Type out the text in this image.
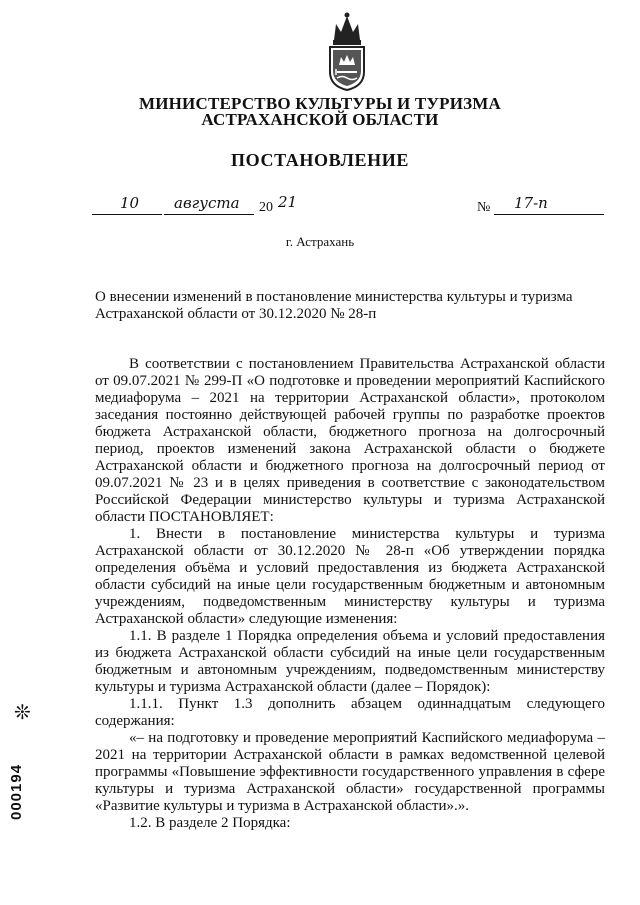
МИНИСТЕРСТВО КУЛЬТУРЫ И ТУРИЗМА
АСТРАХАНСКОЙ ОБЛАСТИ
ПОСТАНОВЛЕНИЕ
10 августа 20 21	№ 17-п
г. Астрахань
О внесении изменений в постановление министерства культуры и туризма Астраханской области от 30.12.2020 № 28-п

В соответствии с постановлением Правительства Астраханской области от 09.07.2021 № 299-П «О подготовке и проведении мероприятий Каспийского медиафорума – 2021 на территории Астраханской области», протоколом заседания постоянно действующей рабочей группы по разработке проектов бюджета Астраханской области, бюджетного прогноза на долгосрочный период, проектов изменений закона Астраханской области о бюджете Астраханской области и бюджетного прогноза на долгосрочный период от 09.07.2021 № 23 и в целях приведения в соответствие с законодательством Российской Федерации министерство культуры и туризма Астраханской области ПОСТАНОВЛЯЕТ:

1. Внести в постановление министерства культуры и туризма Астраханской области от 30.12.2020 № 28-п «Об утверждении порядка определения объёма и условий предоставления из бюджета Астраханской области субсидий на иные цели государственным бюджетным и автономным учреждениям, подведомственным министерству культуры и туризма Астраханской области» следующие изменения:

1.1. В разделе 1 Порядка определения объема и условий предоставления из бюджета Астраханской области субсидий на иные цели государственным бюджетным и автономным учреждениям, подведомственным министерству культуры и туризма Астраханской области (далее – Порядок):

1.1.1. Пункт 1.3 дополнить абзацем одиннадцатым следующего содержания:

«– на подготовку и проведение мероприятий Каспийского медиафорума – 2021 на территории Астраханской области в рамках ведомственной целевой программы «Повышение эффективности государственного управления в сфере культуры и туризма Астраханской области» государственной программы «Развитие культуры и туризма в Астраханской области».».

1.2. В разделе 2 Порядка:

❊
000194
